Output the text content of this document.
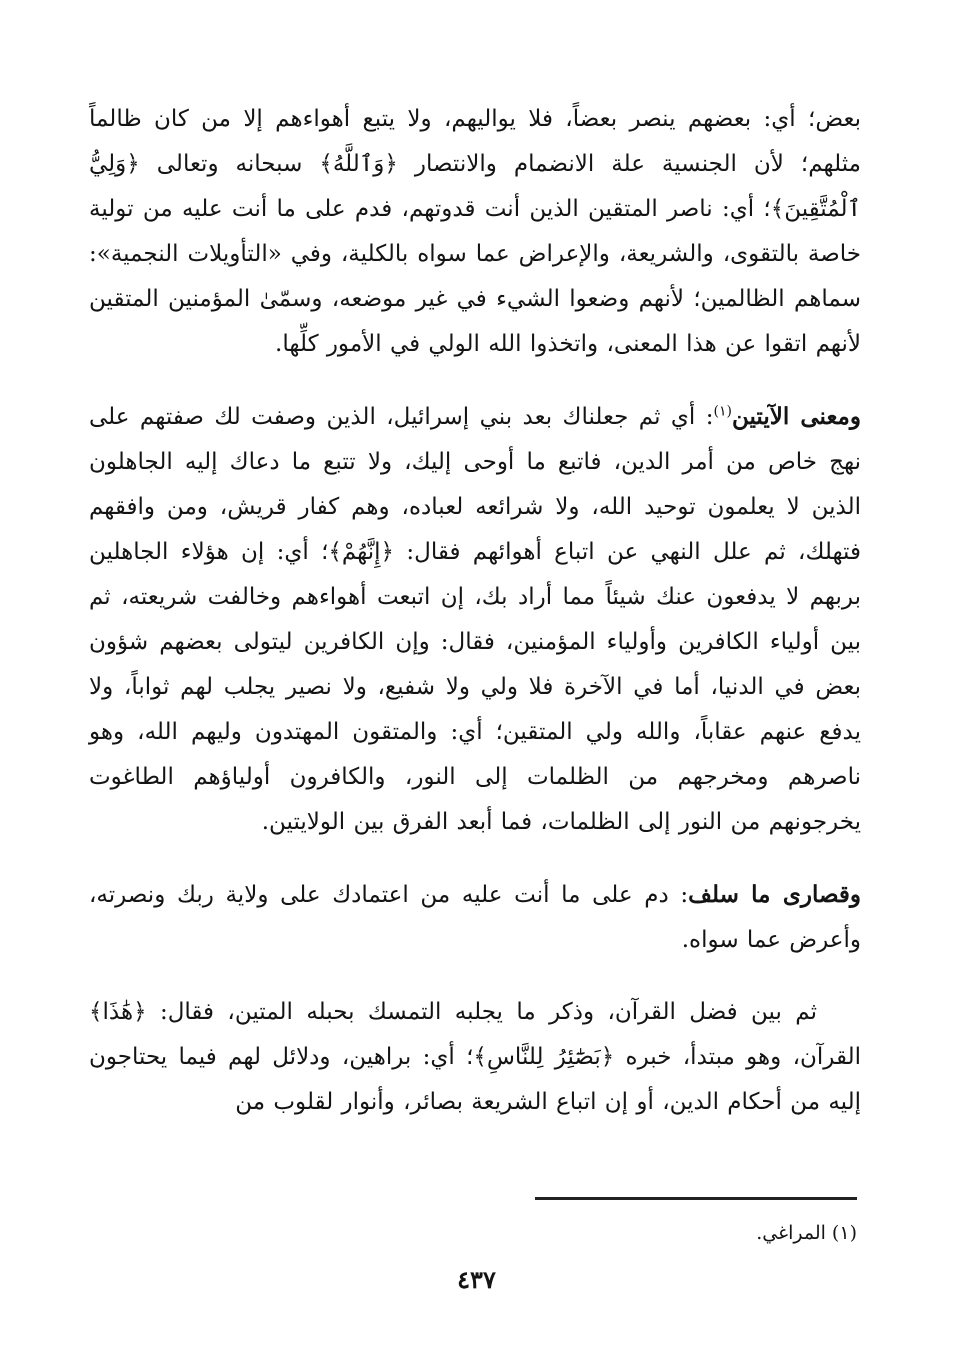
بعض؛ أي: بعضهم ينصر بعضاً، فلا يواليهم، ولا يتبع أهواءهم إلا من كان ظالماً مثلهم؛ لأن الجنسية علة الانضمام والانتصار ﴿وَٱللَّهُ﴾ سبحانه وتعالى ﴿وَلِيُّ ٱلْمُتَّقِينَ﴾؛ أي: ناصر المتقين الذين أنت قدوتهم، فدم على ما أنت عليه من تولية خاصة بالتقوى، والشريعة، والإعراض عما سواه بالكلية، وفي «التأويلات النجمية»: سماهم الظالمين؛ لأنهم وضعوا الشيء في غير موضعه، وسمّىٰ المؤمنين المتقين لأنهم اتقوا عن هذا المعنى، واتخذوا الله الولي في الأمور كلِّها.

ومعنى الآيتين$^{(١)}$: أي ثم جعلناك بعد بني إسرائيل، الذين وصفت لك صفتهم على نهج خاص من أمر الدين، فاتبع ما أوحى إليك، ولا تتبع ما دعاك إليه الجاهلون الذين لا يعلمون توحيد الله، ولا شرائعه لعباده، وهم كفار قريش، ومن وافقهم فتهلك، ثم علل النهي عن اتباع أهوائهم فقال: ﴿إِنَّهُمْ﴾؛ أي: إن هؤلاء الجاهلين بربهم لا يدفعون عنك شيئاً مما أراد بك، إن اتبعت أهواءهم وخالفت شريعته، ثم بين أولياء الكافرين وأولياء المؤمنين، فقال: وإن الكافرين ليتولى بعضهم شؤون بعض في الدنيا، أما في الآخرة فلا ولي ولا شفيع، ولا نصير يجلب لهم ثواباً، ولا يدفع عنهم عقاباً، والله ولي المتقين؛ أي: والمتقون المهتدون وليهم الله، وهو ناصرهم ومخرجهم من الظلمات إلى النور، والكافرون أولياؤهم الطاغوت يخرجونهم من النور إلى الظلمات، فما أبعد الفرق بين الولايتين.

وقصارى ما سلف: دم على ما أنت عليه من اعتمادك على ولاية ربك ونصرته، وأعرض عما سواه.

ثم بين فضل القرآن، وذكر ما يجلبه التمسك بحبله المتين، فقال: ﴿هَٰذَا﴾ القرآن، وهو مبتدأ، خبره ﴿بَصَٰٓئِرُ لِلنَّاسِ﴾؛ أي: براهين، ودلائل لهم فيما يحتاجون إليه من أحكام الدين، أو إن اتباع الشريعة بصائر، وأنوار لقلوب من

(١) المراغي.

٤٣٧
